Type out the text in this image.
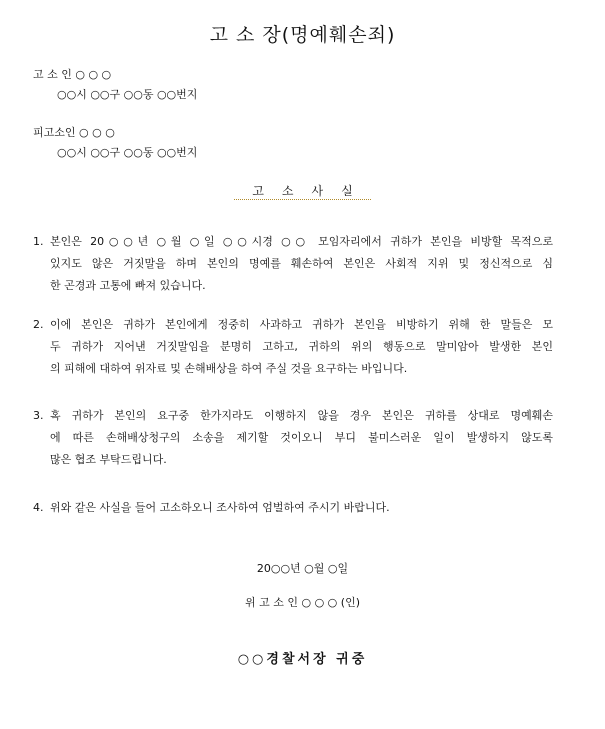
고 소 장(명예훼손죄)
고 소 인 ○ ○ ○
○○시 ○○구 ○○동 ○○번지
피고소인 ○ ○ ○
○○시 ○○구 ○○동 ○○번지
고소사실
1. 본인은 20○○년 ○월 ○일 ○○시경 ○○ 모임자리에서 귀하가 본인을 비방할 목적으로
있지도 않은 거짓말을 하며 본인의 명예를 훼손하여 본인은 사회적 지위 및 정신적으로 심
한 곤경과 고통에 빠져 있습니다.
2. 이에 본인은 귀하가 본인에게 정중히 사과하고 귀하가 본인을 비방하기 위해 한 말들은 모
두 귀하가 지어낸 거짓말임을 분명히 고하고, 귀하의 위의 행동으로 말미암아 발생한 본인
의 피해에 대하여 위자료 및 손해배상을 하여 주실 것을 요구하는 바입니다.
3. 혹 귀하가 본인의 요구중 한가지라도 이행하지 않을 경우 본인은 귀하를 상대로 명예훼손
에 따른 손해배상청구의 소송을 제기할 것이오니 부디 불미스러운 일이 발생하지 않도록
많은 협조 부탁드립니다.
4. 위와 같은 사실을 들어 고소하오니 조사하여 엄벌하여 주시기 바랍니다.
20○○년 ○월 ○일
위 고 소 인 ○ ○ ○ (인)
○○경찰서장 귀중
